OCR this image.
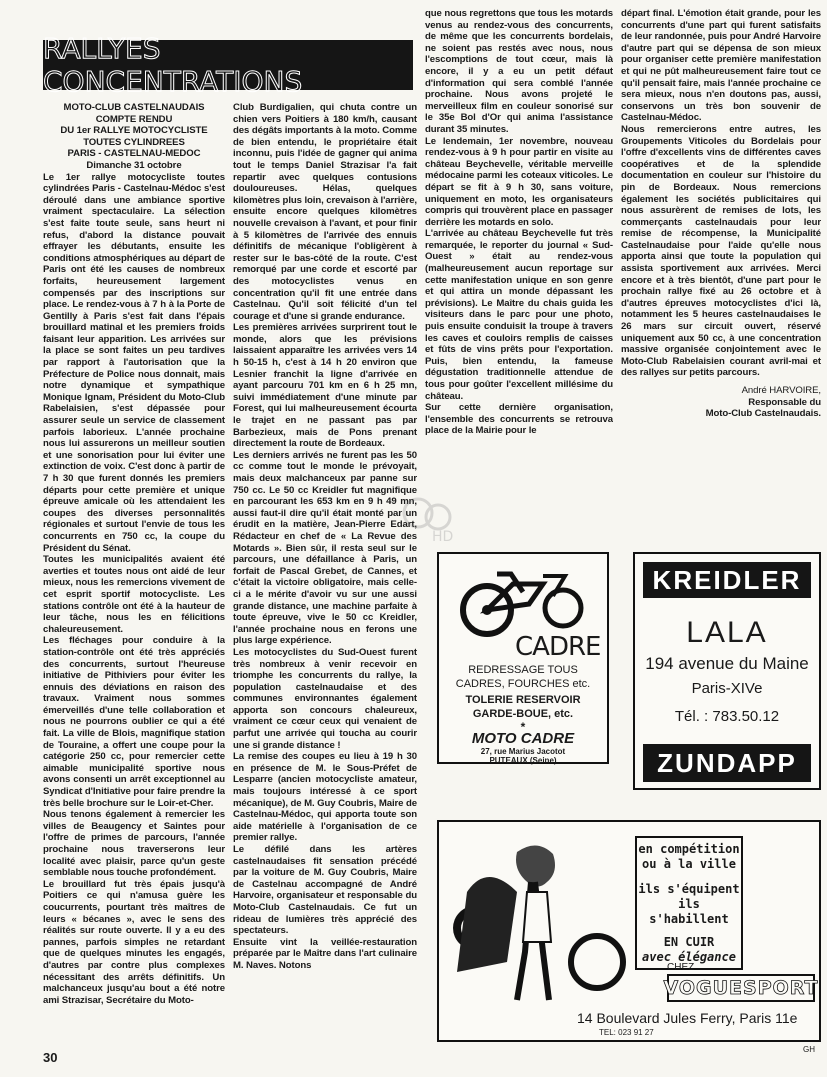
RALLYES CONCENTRATIONS

MOTO-CLUB CASTELNAUDAIS

COMPTE RENDU

DU 1er RALLYE MOTOCYCLISTE

TOUTES CYLINDREES

PARIS - CASTELNAU-MEDOC

Dimanche 31 octobre

Le 1er rallye motocycliste toutes cylindrées Paris - Castelnau-Médoc s'est déroulé dans une ambiance sportive vraiment spectaculaire. La sélection s'est faite toute seule, sans heurt ni refus, d'abord la distance pouvait effrayer les débutants, ensuite les conditions atmosphériques au départ de Paris ont été les causes de nombreux forfaits, heureusement largement compensés par des inscriptions sur place. Le rendez-vous à 7 h à la Porte de Gentilly à Paris s'est fait dans l'épais brouillard matinal et les premiers froids faisant leur apparition. Les arrivées sur la place se sont faites un peu tardives par rapport à l'autorisation que la Préfecture de Police nous donnait, mais notre dynamique et sympathique Monique Ignam, Président du Moto-Club Rabelaisien, s'est dépassée pour assurer seule un service de classement parfois laborieux. L'année prochaine nous lui assurerons un meilleur soutien et une sonorisation pour lui éviter une extinction de voix. C'est donc à partir de 7 h 30 que furent donnés les premiers départs pour cette première et unique épreuve amicale où les attendaient les coupes des diverses personnalités régionales et surtout l'envie de tous les concurrents en 750 cc, la coupe du Président du Sénat.

Toutes les municipalités avaient été averties et toutes nous ont aidé de leur mieux, nous les remercions vivement de cet esprit sportif motocycliste. Les stations contrôle ont été à la hauteur de leur tâche, nous les en félicitions chaleureusement.

Les fléchages pour conduire à la station-contrôle ont été très appréciés des concurrents, surtout l'heureuse initiative de Pithiviers pour éviter les ennuis des déviations en raison des travaux. Vraiment nous sommes émerveillés d'une telle collaboration et nous ne pourrons oublier ce qui a été fait. La ville de Blois, magnifique station de Touraine, a offert une coupe pour la catégorie 250 cc, pour remercier cette aimable municipalité sportive nous avons consenti un arrêt exceptionnel au Syndicat d'Initiative pour faire prendre la très belle brochure sur le Loir-et-Cher.

Nous tenons également à remercier les villes de Beaugency et Saintes pour l'offre de primes de parcours, l'année prochaine nous traverserons leur localité avec plaisir, parce qu'un geste semblable nous touche profondément.

Le brouillard fut très épais jusqu'à Poitiers ce qui n'amusa guère les coucurrents, pourtant très maîtres de leurs « bécanes », avec le sens des réalités sur route ouverte. Il y a eu des pannes, parfois simples ne retardant que de quelques minutes les engagés, d'autres par contre plus complexes nécessitant des arrêts définitifs. Un malchanceux jusqu'au bout a été notre ami Strazisar, Secrétaire du Moto-

Club Burdigalien, qui chuta contre un chien vers Poitiers à 180 km/h, causant des dégâts importants à la moto. Comme de bien entendu, le propriétaire était inconnu, puis l'idée de gagner qui anima tout le temps Daniel Strazisar l'a fait repartir avec quelques contusions douloureuses. Hélas, quelques kilomètres plus loin, crevaison à l'arrière, ensuite encore quelques kilomètres nouvelle crevaison à l'avant, et pour finir à 5 kilomètres de l'arrivée des ennuis définitifs de mécanique l'obligèrent à rester sur le bas-côté de la route. C'est remorqué par une corde et escorté par des motocyclistes venus en concentration qu'il fit une entrée dans Castelnau. Qu'il soit félicité d'un tel courage et d'une si grande endurance.

Les premières arrivées surprirent tout le monde, alors que les prévisions laissaient apparaître les arrivées vers 14 h 50-15 h, c'est à 14 h 20 environ que Lesnier franchit la ligne d'arrivée en ayant parcouru 701 km en 6 h 25 mn, suivi immédiatement d'une minute par Forest, qui lui malheureusement écourta le trajet en ne passant pas par Barbezieux, mais de Pons prenant directement la route de Bordeaux.

Les derniers arrivés ne furent pas les 50 cc comme tout le monde le prévoyait, mais deux malchanceux par panne sur 750 cc. Le 50 cc Kreidler fut magnifique en parcourant les 653 km en 9 h 49 mn, aussi faut-il dire qu'il était monté par un érudit en la matière, Jean-Pierre Edart, Rédacteur en chef de « La Revue des Motards ». Bien sûr, il resta seul sur le parcours, une défaillance à Paris, un forfait de Pascal Grebet, de Cannes, et c'était la victoire obligatoire, mais celle-ci a le mérite d'avoir vu sur une aussi grande distance, une machine parfaite à toute épreuve, vive le 50 cc Kreidler, l'année prochaine nous en ferons une plus large expérience.

Les motocyclistes du Sud-Ouest furent très nombreux à venir recevoir en triomphe les concurrents du rallye, la population castelnaudaise et des communes environnantes également apporta son concours chaleureux, vraiment ce cœur ceux qui venaient de parfut une arrivée qui toucha au courir une si grande distance !

La remise des coupes eu lieu à 19 h 30 en présence de M. le Sous-Préfet de Lesparre (ancien motocycliste amateur, mais toujours intéressé à ce sport mécanique), de M. Guy Coubris, Maire de Castelnau-Médoc, qui apporta toute son aide matérielle à l'organisation de ce premier rallye.

Le défilé dans les artères castelnaudaises fit sensation précédé par la voiture de M. Guy Coubris, Maire de Castelnau accompagné de André Harvoire, organisateur et responsable du Moto-Club Castelnaudais. Ce fut un rideau de lumières très apprécié des spectateurs.

Ensuite vint la veillée-restauration préparée par le Maître dans l'art culinaire M. Naves. Notons

que nous regrettons que tous les motards venus au rendez-vous des concurrents, de même que les concurrents bordelais, ne soient pas restés avec nous, nous l'escomptions de tout cœur, mais là encore, il y a eu un petit défaut d'information qui sera comblé l'année prochaine. Nous avons projeté le merveilleux film en couleur sonorisé sur le 35e Bol d'Or qui anima l'assistance durant 35 minutes.

Le lendemain, 1er novembre, nouveau rendez-vous à 9 h pour partir en visite au château Beychevelle, véritable merveille médocaine parmi les coteaux viticoles. Le départ se fit à 9 h 30, sans voiture, uniquement en moto, les organisateurs compris qui trouvèrent place en passager derrière les motards en solo.

L'arrivée au château Beychevelle fut très remarquée, le reporter du journal « Sud-Ouest » était au rendez-vous (malheureusement aucun reportage sur cette manifestation unique en son genre et qui attira un monde dépassant les prévisions). Le Maître du chais guida les visiteurs dans le parc pour une photo, puis ensuite conduisit la troupe à travers les caves et couloirs remplis de caisses et fûts de vins prêts pour l'exportation. Puis, bien entendu, la fameuse dégustation traditionnelle attendue de tous pour goûter l'excellent millésime du château.

Sur cette dernière organisation, l'ensemble des concurrents se retrouva place de la Mairie pour le

départ final. L'émotion était grande, pour les concurrents d'une part qui furent satisfaits de leur randonnée, puis pour André Harvoire d'autre part qui se dépensa de son mieux pour organiser cette première manifestation et qui ne pût malheureusement faire tout ce qu'il pensait faire, mais l'année prochaine ce sera mieux, nous n'en doutons pas, aussi, conservons un très bon souvenir de Castelnau-Médoc.

Nous remercierons entre autres, les Groupements Viticoles du Bordelais pour l'offre d'excellents vins de différentes caves coopératives et de la splendide documentation en couleur sur l'histoire du pin de Bordeaux. Nous remercions également les sociétés publicitaires qui nous assurèrent de remises de lots, les commerçants castelnaudais pour leur remise de récompense, la Municipalité Castelnaudaise pour l'aide qu'elle nous apporta ainsi que toute la population qui assista sportivement aux arrivées. Merci encore et à très bientôt, d'une part pour le prochain rallye fixé au 26 octobre et à d'autres épreuves motocyclistes d'ici là, notamment les 5 heures castelnaudaises le 26 mars sur circuit ouvert, réservé uniquement aux 50 cc, à une concentration massive organisée conjointement avec le Moto-Club Rabelaisien courant avril-mai et des rallyes sur petits parcours.

André HARVOIRE,

Responsable du

Moto-Club Castelnaudais.

HD
CADRE
REDRESSAGE TOUS
CADRES, FOURCHES etc.
TOLERIE RESERVOIR
GARDE-BOUE, etc.
*
MOTO CADRE
27, rue Marius Jacotot
PUTEAUX (Seine)
KREIDLER
LALA
194 avenue du Maine
Paris-XIVe
Tél. : 783.50.12
ZUNDAPP
en compétition
ou à la ville
ils s'équipent
ils s'habillent
EN CUIR
avec élégance
CHEZ
VOGUESPORT
14 Boulevard Jules Ferry, Paris 11e
TEL: 023 91 27
GH
30
